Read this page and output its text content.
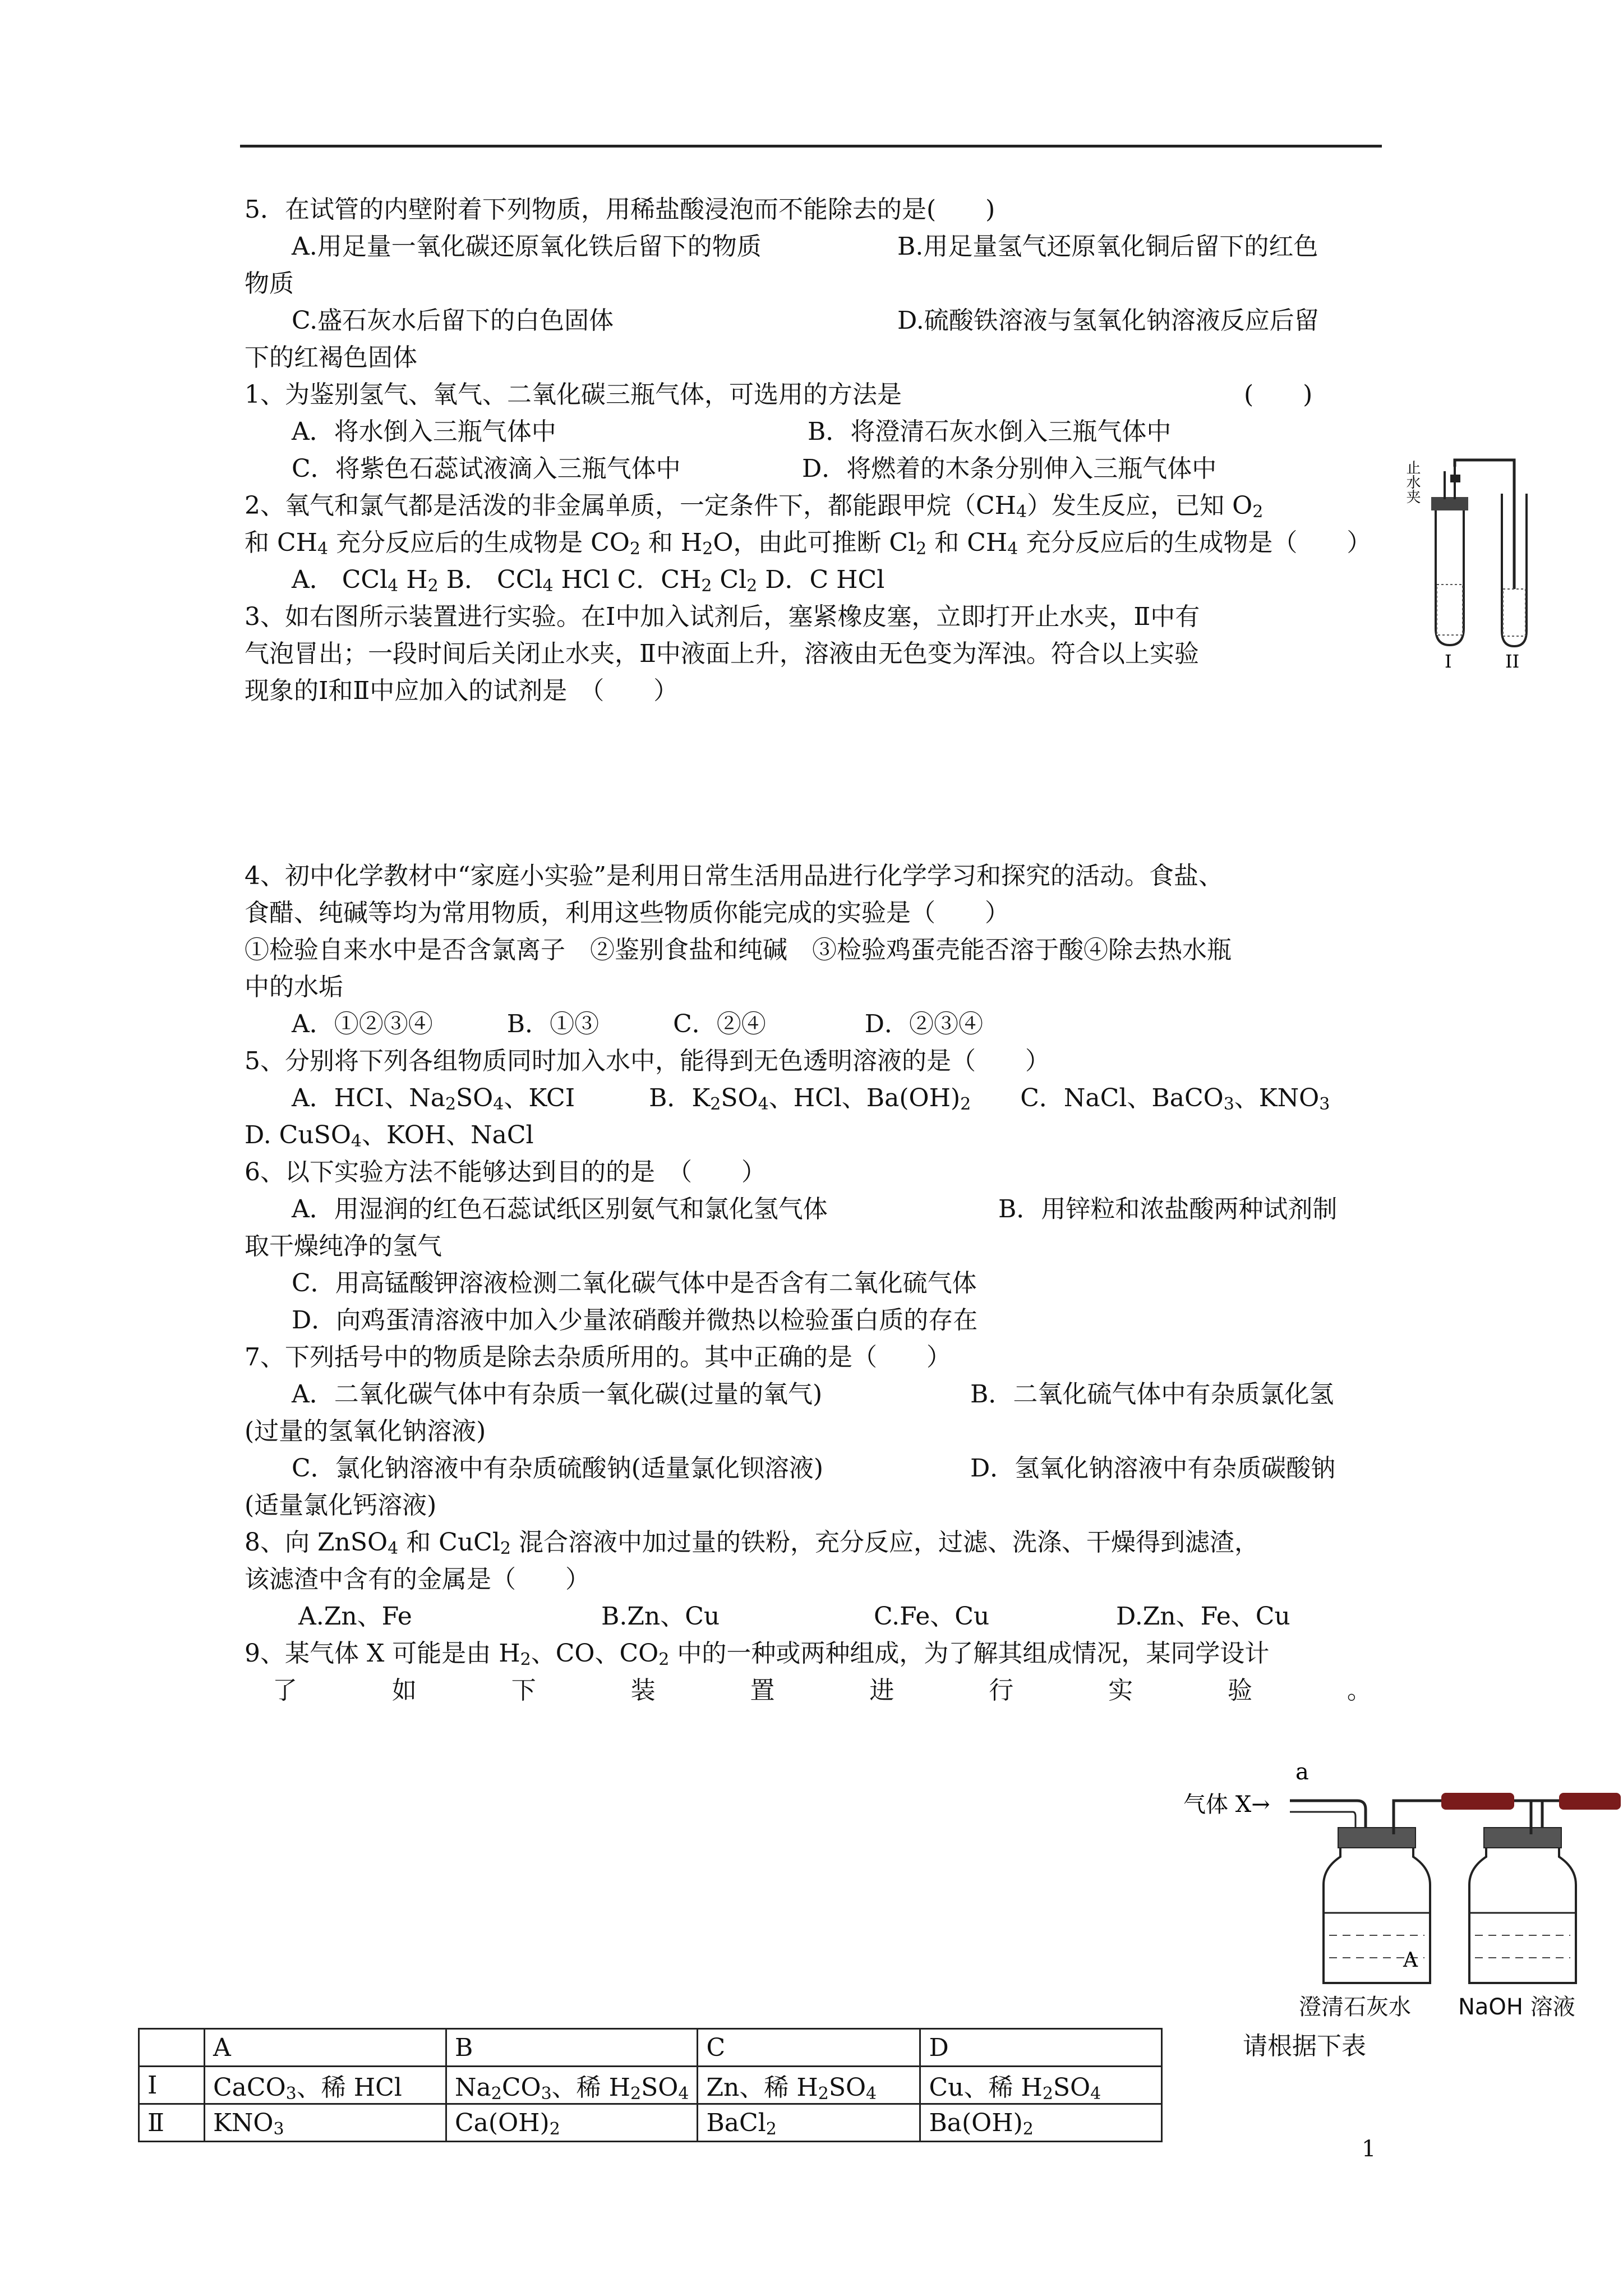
5．在试管的内壁附着下列物质，用稀盐酸浸泡而不能除去的是(　　)
A.用足量一氧化碳还原氧化铁后留下的物质	B.用足量氢气还原氧化铜后留下的红色
物质
C.盛石灰水后留下的白色固体	D.硫酸铁溶液与氢氧化钠溶液反应后留
下的红褐色固体
1、为鉴别氢气、氧气、二氧化碳三瓶气体，可选用的方法是	(　　)
A．将水倒入三瓶气体中	B．将澄清石灰水倒入三瓶气体中
C．将紫色石蕊试液滴入三瓶气体中	D．将燃着的木条分别伸入三瓶气体中
2、氧气和氯气都是活泼的非金属单质，一定条件下，都能跟甲烷$(CH_4)$发生反应，已知 $O_2$
和 $CH_4$ 充分反应后的生成物是 $CO_2$ 和 $H_2O$，由此可推断 $Cl_2$ 和 $CH_4$ 充分反应后的生成物是（　　）
A． CCl$_4$ $H_2$ B． CCl$_4$ HCl C．$CH_2$ $Cl_2$ D．C HCl
3、如右图所示装置进行实验。在Ⅰ中加入试剂后，塞紧橡皮塞，立即打开止水夹，Ⅱ中有
气泡冒出；一段时间后关闭止水夹，Ⅱ中液面上升，溶液由无色变为浑浊。符合以上实验
现象的Ⅰ和Ⅱ中应加入的试剂是　（　　）
止水夹
I	II
4、初中化学教材中“家庭小实验”是利用日常生活用品进行化学学习和探究的活动。食盐、
食醋、纯碱等均为常用物质，利用这些物质你能完成的实验是（　　）
①检验自来水中是否含氯离子　②鉴别食盐和纯碱　③检验鸡蛋壳能否溶于酸④除去热水瓶
中的水垢
A．①②③④　　　B．①③　　　C．②④　　　　D．②③④
5、分别将下列各组物质同时加入水中，能得到无色透明溶液的是（　　）
A．HCI、$Na_2SO_4$、KCI　　　B．$K_2SO_4$、HCl、$Ba(OH)_2$　　C．NaCl、BaCO$_3$、$KNO_3$
D. CuSO$_4$、KOH、NaCl
6、以下实验方法不能够达到目的的是　（　　）
A．用湿润的红色石蕊试纸区别氨气和氯化氢气体	B．用锌粒和浓盐酸两种试剂制
取干燥纯净的氢气
C．用高锰酸钾溶液检测二氧化碳气体中是否含有二氧化硫气体
D．向鸡蛋清溶液中加入少量浓硝酸并微热以检验蛋白质的存在
7、下列括号中的物质是除去杂质所用的。其中正确的是（　　）
A．二氧化碳气体中有杂质一氧化碳(过量的氧气)	B．二氧化硫气体中有杂质氯化氢
(过量的氢氧化钠溶液)
C．氯化钠溶液中有杂质硫酸钠(适量氯化钡溶液)	D．氢氧化钠溶液中有杂质碳酸钠
(适量氯化钙溶液)
8、向 ZnSO$_4$ 和 CuCl$_2$ 混合溶液中加过量的铁粉，充分反应，过滤、洗涤、干燥得到滤渣，
该滤渣中含有的金属是（　　）
A.Zn、Fe	B.Zn、Cu	C.Fe、Cu	D.Zn、Fe、Cu
9、某气体 X 可能是由 $H_2$、CO、$CO_2$ 中的一种或两种组成，为了解其组成情况，某同学设计
了	如	下	装	置	进	行	实	验	。
a
气体 X→
A
澄清石灰水 NaOH 溶液
请根据下表
	A	B	C	D
I	CaCO$_3$、稀 HCl	$Na_2CO_3$、稀 $H_2SO_4$	Zn、稀 $H_2SO_4$	Cu、稀 $H_2SO_4$
Ⅱ	$KNO_3$	$Ca(OH)_2$	BaCl$_2$	$Ba(OH)_2$
1
